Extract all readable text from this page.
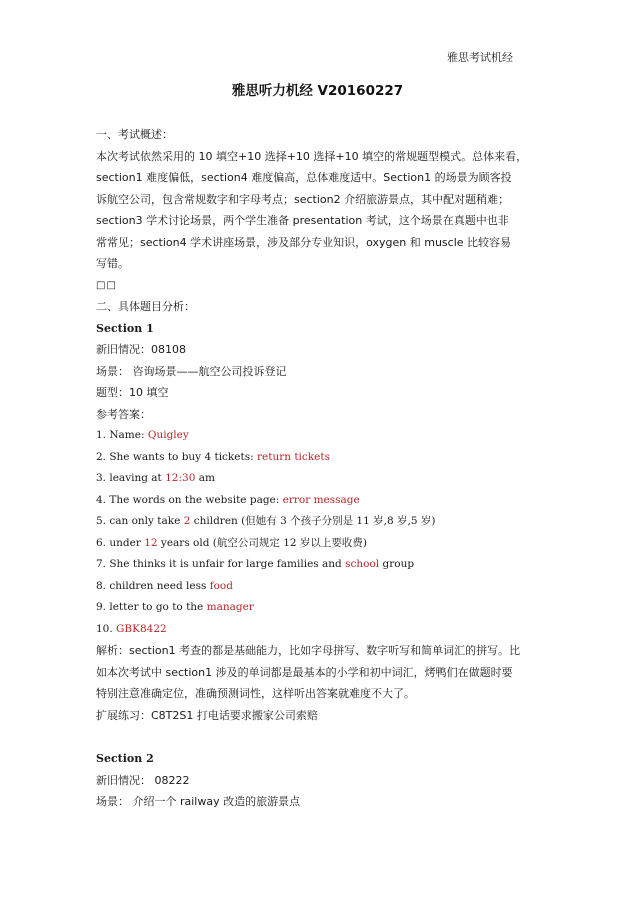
雅思考试机经
雅思听力机经 V20160227
一、考试概述：
本次考试依然采用的 10 填空+10 选择+10 选择+10 填空的常规题型模式。总体来看，
section1 难度偏低，section4 难度偏高，总体难度适中。Section1 的场景为顾客投
诉航空公司，包含常规数字和字母考点；section2 介绍旅游景点，其中配对题稍难；
section3 学术讨论场景，两个学生准备 presentation 考试，这个场景在真题中也非
常常见；section4 学术讲座场景，涉及部分专业知识，oxygen 和 muscle 比较容易
写错。
□□
二、具体题目分析：
Section 1
新旧情况：08108
场景： 咨询场景——航空公司投诉登记
题型：10 填空
参考答案：
1. Name: Quigley
2. She wants to buy 4 tickets: return tickets
3. leaving at 12:30 am
4. The words on the website page: error message
5. can only take 2 children (但她有 3 个孩子分别是 11 岁,8 岁,5 岁)
6. under 12 years old (航空公司规定 12 岁以上要收费)
7. She thinks it is unfair for large families and school group
8. children need less food
9. letter to go to the manager
10. GBK8422
解析：section1 考查的都是基础能力，比如字母拼写、数字听写和简单词汇的拼写。比
如本次考试中 section1 涉及的单词都是最基本的小学和初中词汇，烤鸭们在做题时要
特别注意准确定位，准确预测词性，这样听出答案就难度不大了。
扩展练习：C8T2S1 打电话要求搬家公司索赔
Section 2
新旧情况： 08222
场景： 介绍一个 railway 改造的旅游景点
